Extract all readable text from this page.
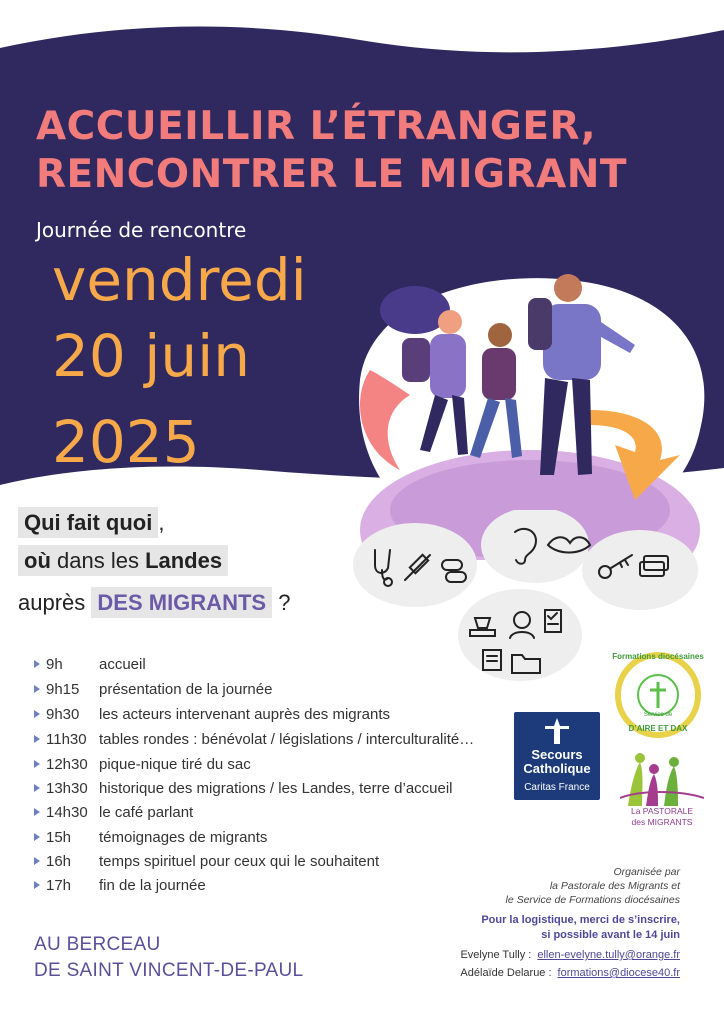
ACCUEILLIR L’ÉTRANGER,
RENCONTRER LE MIGRANT
Journée de rencontre
vendredi
20 juin
2025
Qui fait quoi ,
où dans les Landes
auprès DES MIGRANTS ?
9h accueil
9h15 présentation de la journée
9h30 les acteurs intervenant auprès des migrants
11h30 tables rondes : bénévolat / législations / interculturalité…
12h30 pique-nique tiré du sac
13h30 historique des migrations / les Landes, terre d’accueil
14h30 le café parlant
15h témoignages de migrants
16h temps spirituel pour ceux qui le souhaitent
17h fin de la journée
AU BERCEAU
DE SAINT VINCENT-DE-PAUL
Secours
Catholique
Caritas France
Formations diocésaines
Service de
D’AIRE ET DAX
La PASTORALE
des MIGRANTS
Organisée par
la Pastorale des Migrants et
le Service de Formations diocésaines
Pour la logistique, merci de s’inscrire,
si possible avant le 14 juin
Evelyne Tully : ellen-evelyne.tully@orange.fr
Adélaïde Delarue : formations@diocese40.fr
